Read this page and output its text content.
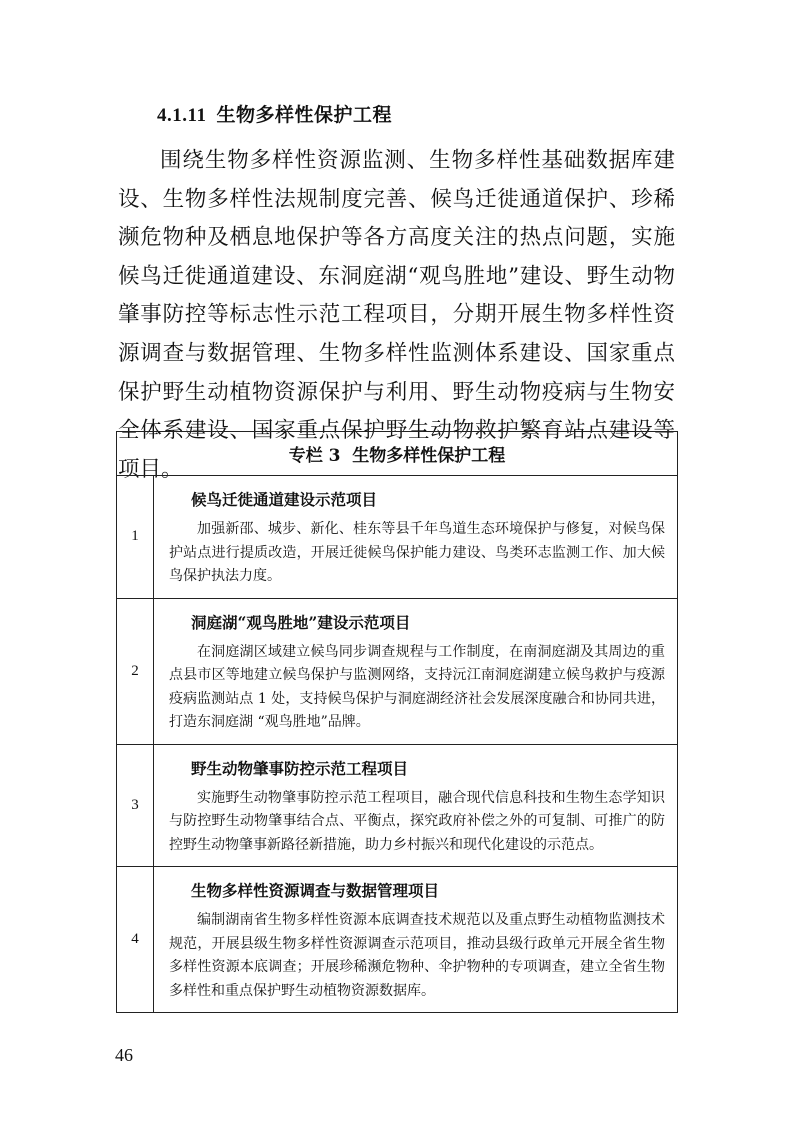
4.1.11 生物多样性保护工程

围绕生物多样性资源监测、生物多样性基础数据库建设、生物多样性法规制度完善、候鸟迁徙通道保护、珍稀濒危物种及栖息地保护等各方高度关注的热点问题，实施候鸟迁徙通道建设、东洞庭湖“观鸟胜地”建设、野生动物肇事防控等标志性示范工程项目，分期开展生物多样性资源调查与数据管理、生物多样性监测体系建设、国家重点保护野生动植物资源保护与利用、野生动物疫病与生物安全体系建设、国家重点保护野生动物救护繁育站点建设等项目。

专栏 3 生物多样性保护工程	
1	候鸟迁徙通道建设示范项目

加强新邵、城步、新化、桂东等县千年鸟道生态环境保护与修复，对候鸟保护站点进行提质改造，开展迁徙候鸟保护能力建设、鸟类环志监测工作、加大候鸟保护执法力度。

2	洞庭湖“观鸟胜地”建设示范项目

在洞庭湖区域建立候鸟同步调查规程与工作制度，在南洞庭湖及其周边的重点县市区等地建立候鸟保护与监测网络，支持沅江南洞庭湖建立候鸟救护与疫源疫病监测站点 1 处，支持候鸟保护与洞庭湖经济社会发展深度融合和协同共进，打造东洞庭湖 “观鸟胜地”品牌。

3	野生动物肇事防控示范工程项目

实施野生动物肇事防控示范工程项目，融合现代信息科技和生物生态学知识与防控野生动物肇事结合点、平衡点，探究政府补偿之外的可复制、可推广的防控野生动物肇事新路径新措施，助力乡村振兴和现代化建设的示范点。

4	生物多样性资源调查与数据管理项目

编制湖南省生物多样性资源本底调查技术规范以及重点野生动植物监测技术规范，开展县级生物多样性资源调查示范项目，推动县级行政单元开展全省生物多样性资源本底调查；开展珍稀濒危物种、伞护物种的专项调查，建立全省生物多样性和重点保护野生动植物资源数据库。

46
